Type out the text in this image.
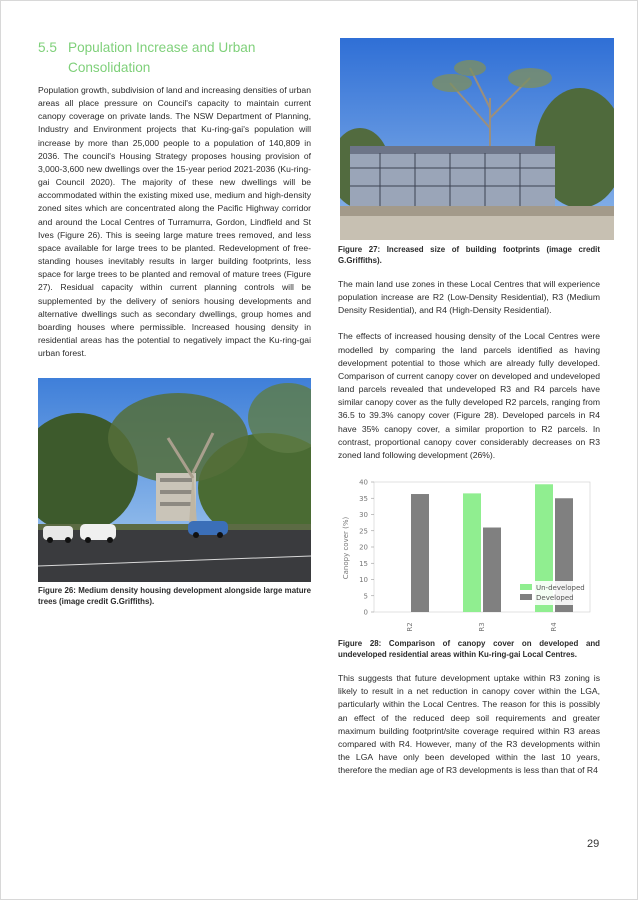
5.5 Population Increase and Urban
Consolidation

Population growth, subdivision of land and increasing densities of urban areas all place pressure on Council's capacity to maintain current canopy coverage on private lands. The NSW Department of Planning, Industry and Environment projects that Ku-ring-gai's population will increase by more than 25,000 people to a population of 140,809 in 2036. The council's Housing Strategy proposes housing provision of 3,000-3,600 new dwellings over the 15-year period 2021-2036 (Ku-ring-gai Council 2020). The majority of these new dwellings will be accommodated within the existing mixed use, medium and high-density zoned sites which are concentrated along the Pacific Highway corridor and around the Local Centres of Turramurra, Gordon, Lindfield and St Ives (Figure 26). This is seeing large mature trees removed, and less space available for large trees to be planted. Redevelopment of free-standing houses inevitably results in larger building footprints, less space for large trees to be planted and removal of mature trees (Figure 27). Residual capacity within current planning controls will be supplemented by the delivery of seniors housing developments and alternative dwellings such as secondary dwellings, group homes and boarding houses where permissible. Increased housing density in residential areas has the potential to negatively impact the Ku-ring-gai urban forest.

Figure 26: Medium density housing development alongside large mature trees (image credit G.Griffiths).

Figure 27: Increased size of building footprints (image credit G.Griffiths).

The main land use zones in these Local Centres that will experience population increase are R2 (Low-Density Residential), R3 (Medium Density Residential), and R4 (High-Density Residential).

The effects of increased housing density of the Local Centres were modelled by comparing the land parcels identified as having development potential to those which are already fully developed. Comparison of current canopy cover on developed and undeveloped land parcels revealed that undeveloped R3 and R4 parcels have similar canopy cover as the fully developed R2 parcels, ranging from 36.5 to 39.3% canopy cover (Figure 28). Developed parcels in R4 have 35% canopy cover, a similar proportion to R2 parcels. In contrast, proportional canopy cover considerably decreases on R3 zoned land following development (26%).

0
5
10
15
20
25
30
35
40
R2	R3	R4
Canopy cover (%)
Un-developed
Developed

Figure 28: Comparison of canopy cover on developed and undeveloped residential areas within Ku-ring-gai Local Centres.

This suggests that future development uptake within R3 zoning is likely to result in a net reduction in canopy cover within the LGA, particularly within the Local Centres. The reason for this is possibly an effect of the reduced deep soil requirements and greater maximum building footprint/site coverage required within R3 areas compared with R4. However, many of the R3 developments within the LGA have only been developed within the last 10 years, therefore the median age of R3 developments is less than that of R4

29
